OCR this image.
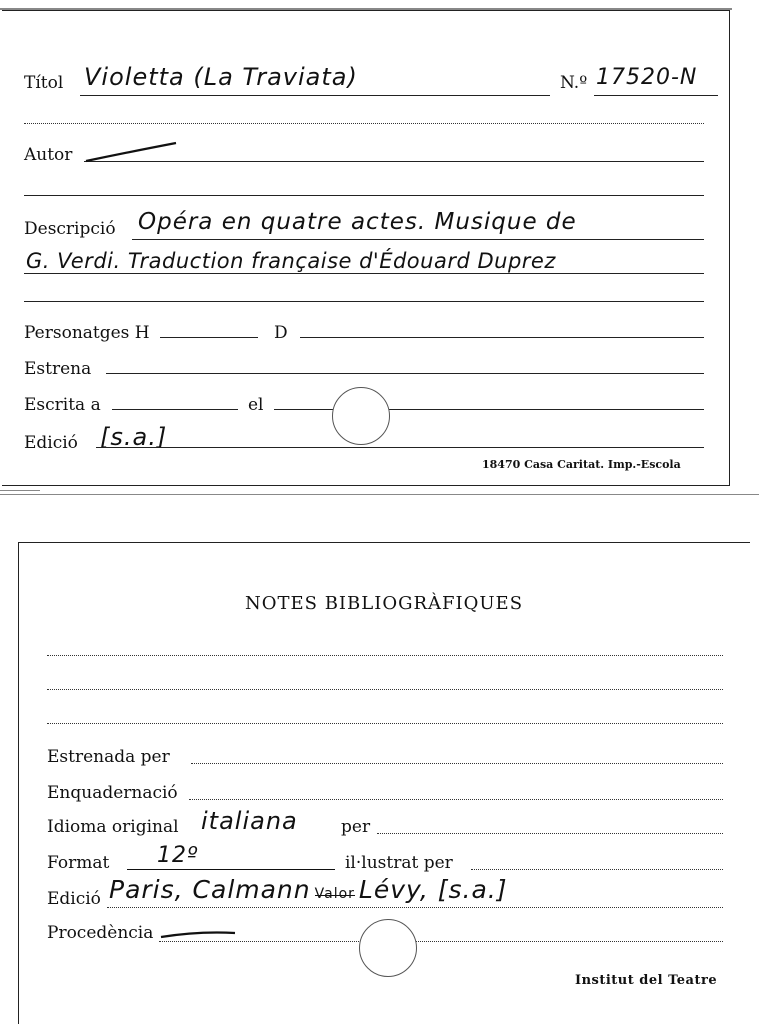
Títol Violetta (La Traviata)	N.º 17520-N
Autor
Descripció Opéra en quatre actes. Musique de
G. Verdi. Traduction française d'Édouard Duprez
Personatges H	D
Estrena
Escrita a	el
Edició [s.a.]
18470 Casa Caritat. Imp.-Escola
NOTES BIBLIOGRÀFIQUES
Estrenada per
Enquadernació
Idioma original italiana	per
Format 12º	il·lustrat per
Edició Paris, Calmann Valor Lévy, [s.a.]
Procedència
Institut del Teatre
